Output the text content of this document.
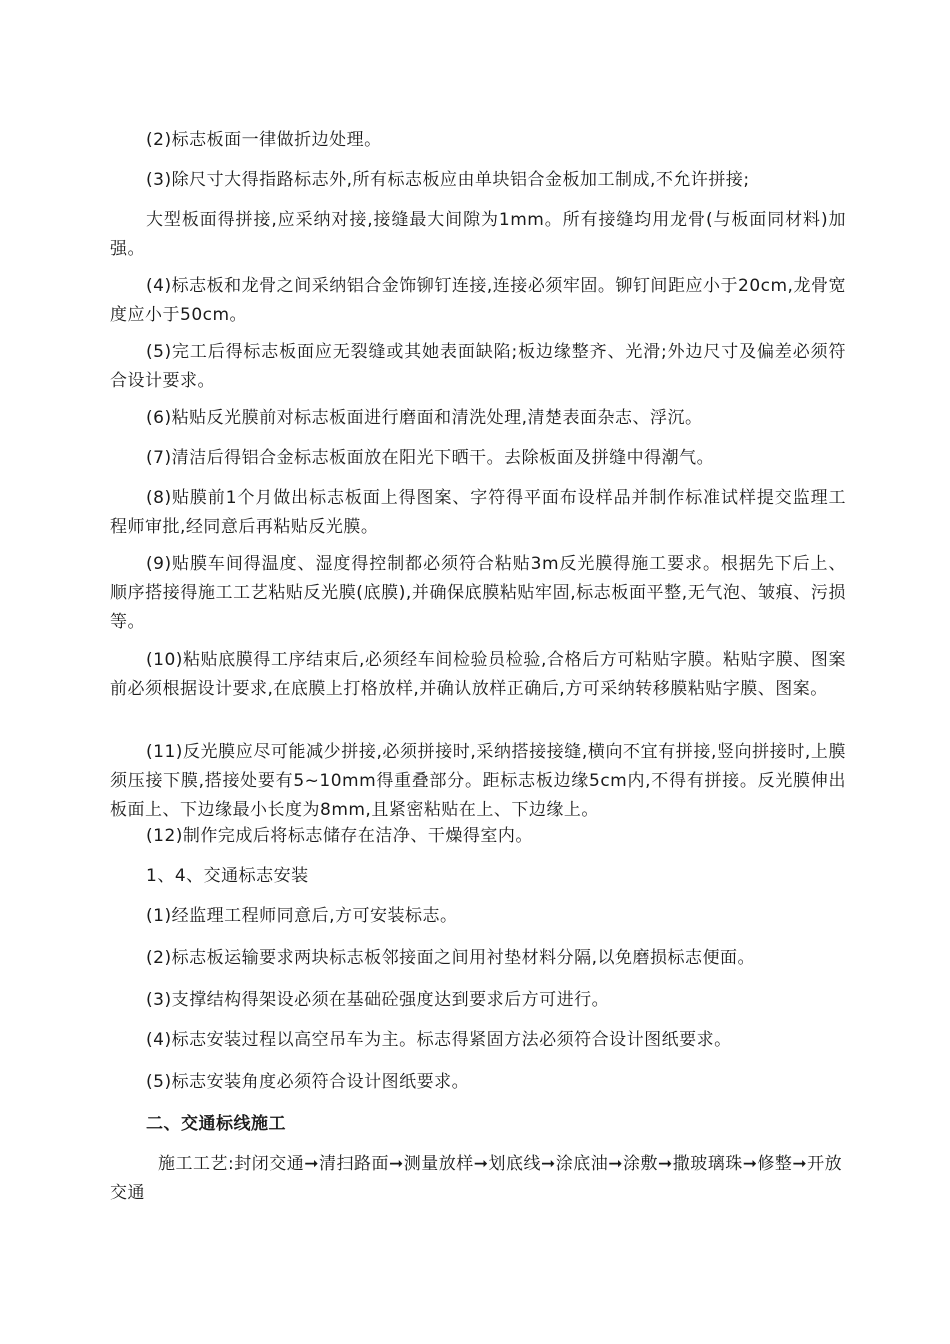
(2)标志板面一律做折边处理。

(3)除尺寸大得指路标志外,所有标志板应由单块铝合金板加工制成,不允许拼接;

大型板面得拼接,应采纳对接,接缝最大间隙为1mm。所有接缝均用龙骨(与板面同材料)加强。

(4)标志板和龙骨之间采纳铝合金饰铆钉连接,连接必须牢固。铆钉间距应小于20cm,龙骨宽度应小于50cm。

(5)完工后得标志板面应无裂缝或其她表面缺陷;板边缘整齐、光滑;外边尺寸及偏差必须符合设计要求。

(6)粘贴反光膜前对标志板面进行磨面和清洗处理,清楚表面杂志、浮沉。

(7)清洁后得铝合金标志板面放在阳光下晒干。去除板面及拼缝中得潮气。

(8)贴膜前1个月做出标志板面上得图案、字符得平面布设样品并制作标准试样提交监理工程师审批,经同意后再粘贴反光膜。

(9)贴膜车间得温度、湿度得控制都必须符合粘贴3m反光膜得施工要求。根据先下后上、顺序搭接得施工工艺粘贴反光膜(底膜),并确保底膜粘贴牢固,标志板面平整,无气泡、皱痕、污损等。

(10)粘贴底膜得工序结束后,必须经车间检验员检验,合格后方可粘贴字膜。粘贴字膜、图案前必须根据设计要求,在底膜上打格放样,并确认放样正确后,方可采纳转移膜粘贴字膜、图案。

(11)反光膜应尽可能减少拼接,必须拼接时,采纳搭接接缝,横向不宜有拼接,竖向拼接时,上膜须压接下膜,搭接处要有5~10mm得重叠部分。距标志板边缘5cm内,不得有拼接。反光膜伸出板面上、下边缘最小长度为8mm,且紧密粘贴在上、下边缘上。

(12)制作完成后将标志储存在洁净、干燥得室内。

1、4、交通标志安装

(1)经监理工程师同意后,方可安装标志。

(2)标志板运输要求两块标志板邻接面之间用衬垫材料分隔,以免磨损标志便面。

(3)支撑结构得架设必须在基础砼强度达到要求后方可进行。

(4)标志安装过程以高空吊车为主。标志得紧固方法必须符合设计图纸要求。

(5)标志安装角度必须符合设计图纸要求。

二、交通标线施工

施工工艺:封闭交通➞清扫路面➞测量放样➞划底线➞涂底油➞涂敷➞撒玻璃珠➞修整➞开放交通
